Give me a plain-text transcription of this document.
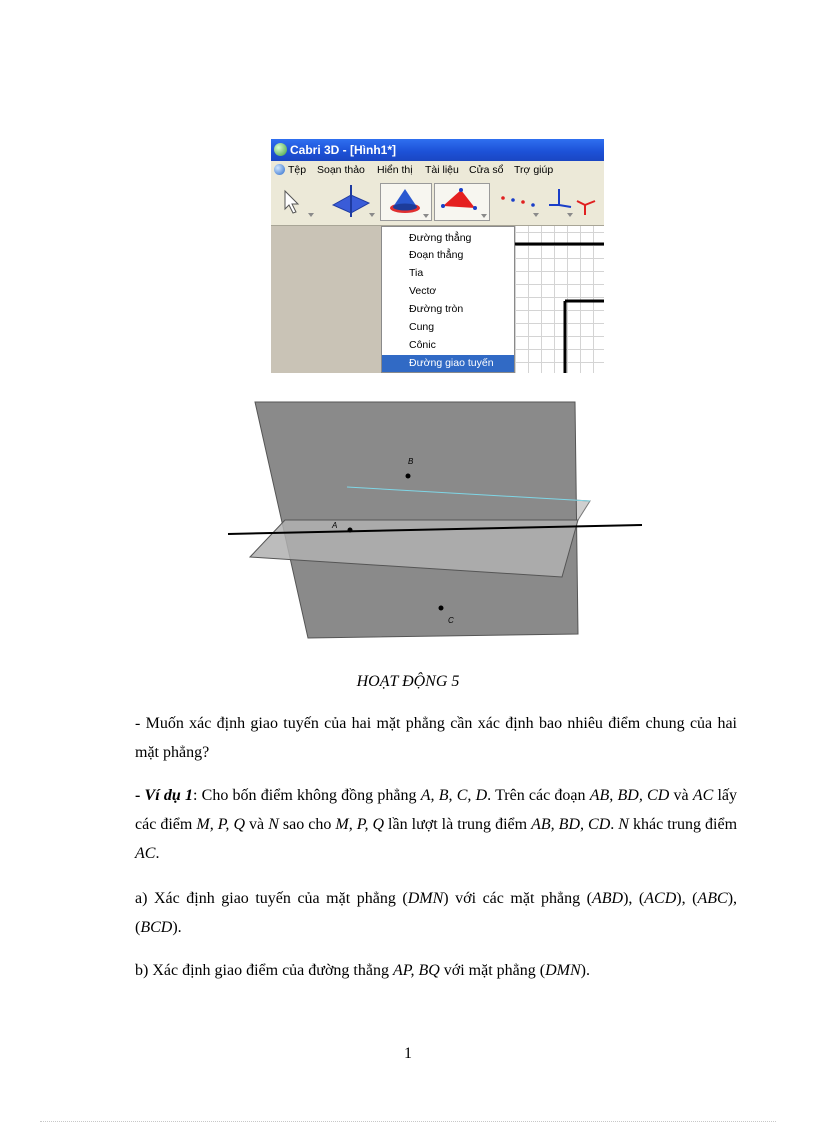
Cabri 3D - [Hình1*]
Tệp Soạn thảo Hiển thị Tài liệu Cửa sổ Trợ giúp
Đường thẳng
Đoạn thẳng
Tia
Vectơ
Đường tròn
Cung
Cônic
Đường giao tuyến
B
A
C
HOẠT ĐỘNG 5

- Muốn xác định giao tuyến của hai mặt phẳng cần xác định bao nhiêu điểm chung của hai mặt phẳng?

- Ví dụ 1: Cho bốn điểm không đồng phẳng A, B, C, D. Trên các đoạn AB, BD, CD và AC lấy các điểm M, P, Q và N sao cho M, P, Q lần lượt là trung điểm AB, BD, CD. N khác trung điểm AC.

a) Xác định giao tuyến của mặt phẳng (DMN) với các mặt phẳng (ABD), (ACD), (ABC), (BCD).

b) Xác định giao điểm của đường thẳng AP, BQ với mặt phẳng (DMN).

1
